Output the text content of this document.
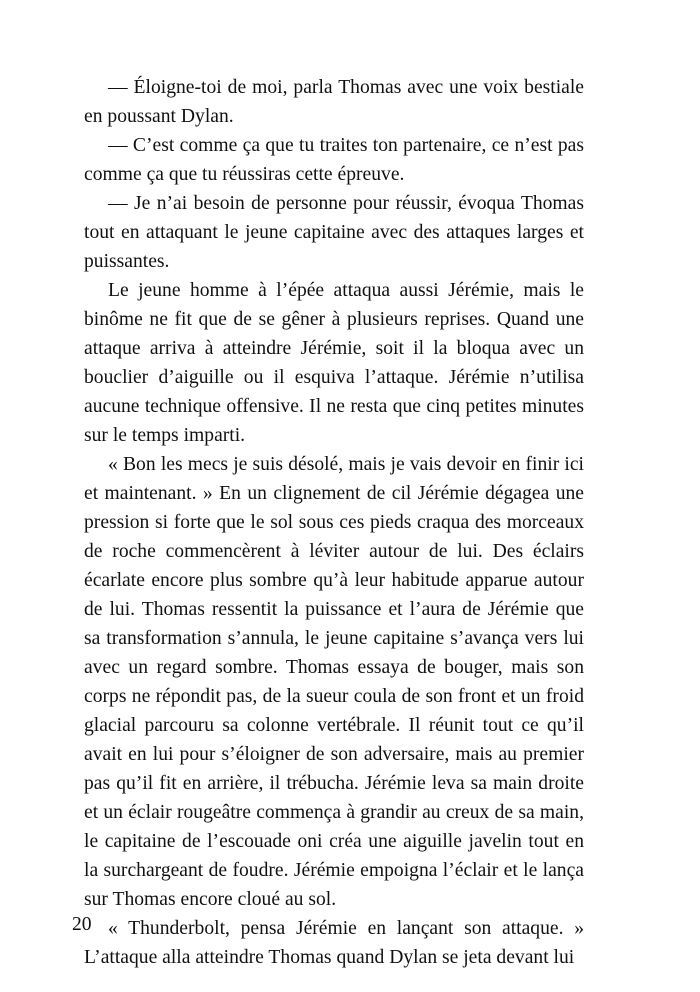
— Éloigne-toi de moi, parla Thomas avec une voix bestiale en poussant Dylan.

— C’est comme ça que tu traites ton partenaire, ce n’est pas comme ça que tu réussiras cette épreuve.

— Je n’ai besoin de personne pour réussir, évoqua Thomas tout en attaquant le jeune capitaine avec des attaques larges et puissantes.

Le jeune homme à l’épée attaqua aussi Jérémie, mais le binôme ne fit que de se gêner à plusieurs reprises. Quand une attaque arriva à atteindre Jérémie, soit il la bloqua avec un bouclier d’aiguille ou il esquiva l’attaque. Jérémie n’utilisa aucune technique offensive. Il ne resta que cinq petites minutes sur le temps imparti.

« Bon les mecs je suis désolé, mais je vais devoir en finir ici et maintenant. » En un clignement de cil Jérémie dégagea une pression si forte que le sol sous ces pieds craqua des morceaux de roche commencèrent à léviter autour de lui. Des éclairs écarlate encore plus sombre qu’à leur habitude apparue autour de lui. Thomas ressentit la puissance et l’aura de Jérémie que sa transformation s’annula, le jeune capitaine s’avança vers lui avec un regard sombre. Thomas essaya de bouger, mais son corps ne répondit pas, de la sueur coula de son front et un froid glacial parcouru sa colonne vertébrale. Il réunit tout ce qu’il avait en lui pour s’éloigner de son adversaire, mais au premier pas qu’il fit en arrière, il trébucha. Jérémie leva sa main droite et un éclair rougeâtre commença à grandir au creux de sa main, le capitaine de l’escouade oni créa une aiguille javelin tout en la surchargeant de foudre. Jérémie empoigna l’éclair et le lança sur Thomas encore cloué au sol.

« Thunderbolt, pensa Jérémie en lançant son attaque. » L’attaque alla atteindre Thomas quand Dylan se jeta devant lui

20
